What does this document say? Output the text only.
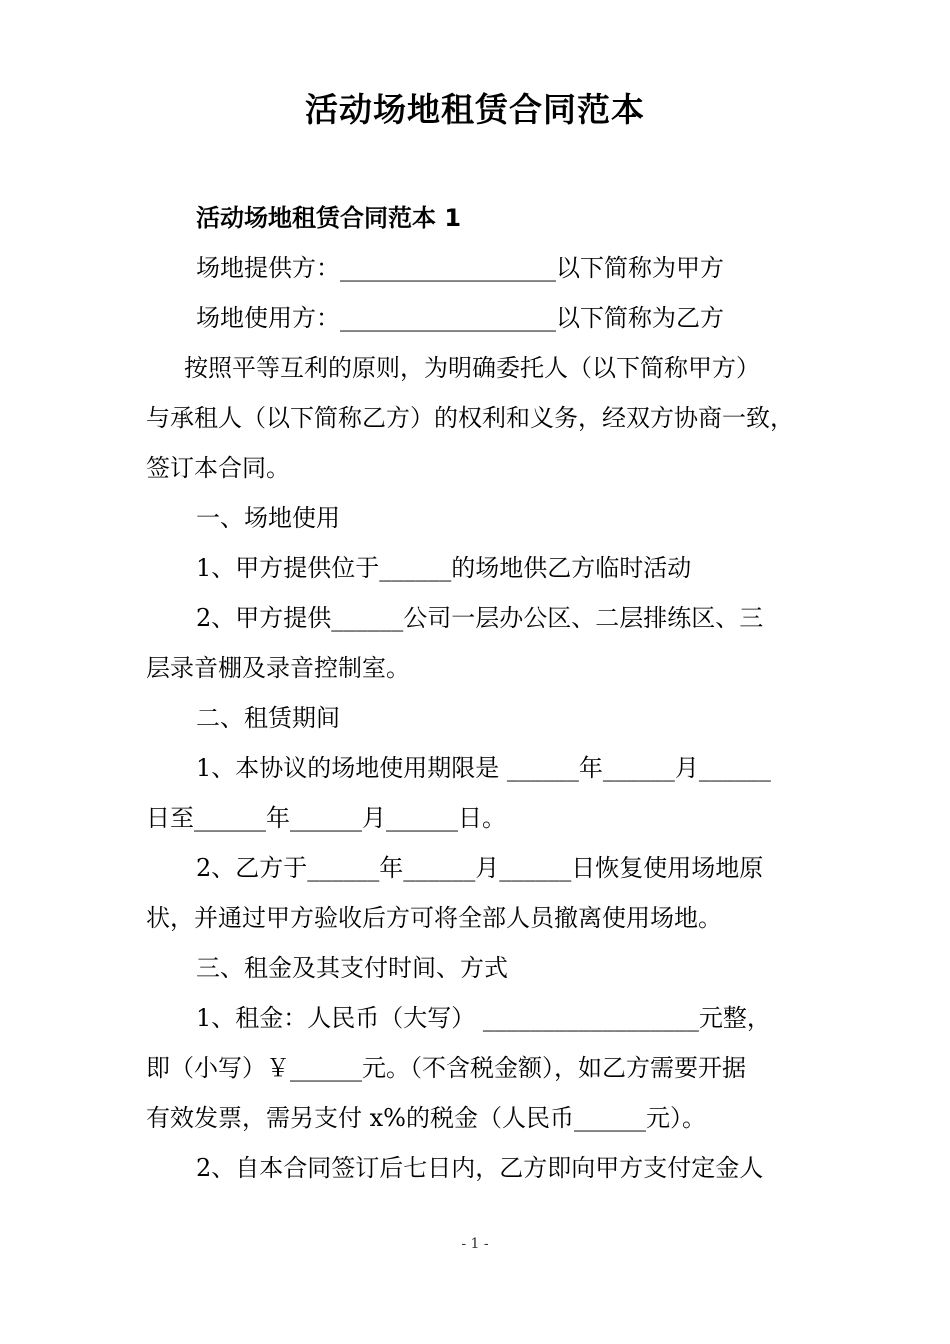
活动场地租赁合同范本

活动场地租赁合同范本 1

场地提供方：__________________以下简称为甲方

场地使用方：__________________以下简称为乙方

按照平等互利的原则，为明确委托人（以下简称甲方）

与承租人（以下简称乙方）的权利和义务，经双方协商一致，

签订本合同。

一、场地使用

1、甲方提供位于______的场地供乙方临时活动

2、甲方提供______公司一层办公区、二层排练区、三

层录音棚及录音控制室。

二、租赁期间

1、本协议的场地使用期限是 ______年______月______

日至______年______月______日。

2、乙方于______年______月______日恢复使用场地原

状，并通过甲方验收后方可将全部人员撤离使用场地。

三、租金及其支付时间、方式

1、租金：人民币（大写） __________________元整，

即（小写）￥______元。（不含税金额），如乙方需要开据

有效发票，需另支付 x%的税金（人民币______元）。

2、自本合同签订后七日内，乙方即向甲方支付定金人

- 1 -
